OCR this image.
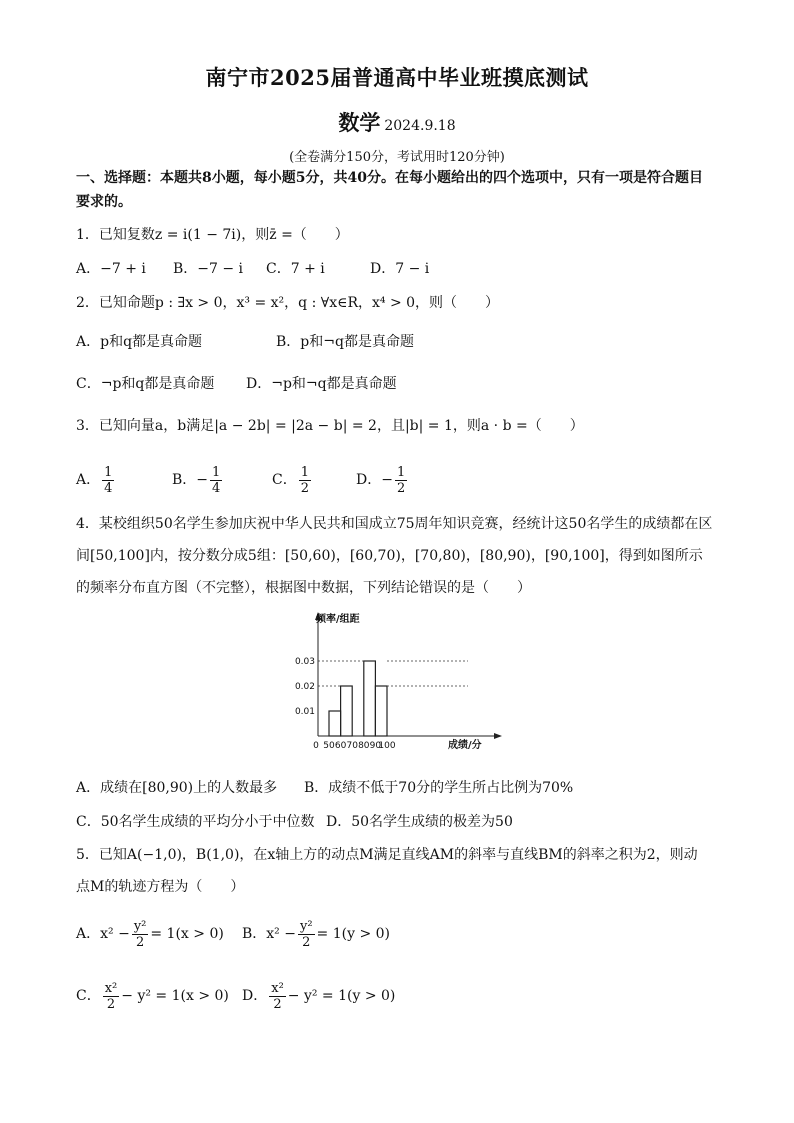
南宁市2025届普通高中毕业班摸底测试
数学 2024.9.18
(全卷满分150分，考试用时120分钟)
一、选择题：本题共8小题，每小题5分，共40分。在每小题给出的四个选项中，只有一项是符合题目
要求的。
1．已知复数z = i(1 − 7i)，则z̄ =（　　）
A．−7 + i B．−7 − i C．7 + i	D．7 − i
2．已知命题p : ∃x > 0，x³ = x²，q : ∀x∈R，x⁴ > 0，则（　　）
A．p和q都是真命题	B．p和¬q都是真命题
C．¬p和q都是真命题 D．¬p和¬q都是真命题
3．已知向量a，b满足|a − 2b| = |2a − b| = 2，且|b| = 1，则a · b =（　　）
A． $\frac{1}{4}$	B．− $\frac{1}{4}$	C． $\frac{1}{2}$	D．− $\frac{1}{2}$
4．某校组织50名学生参加庆祝中华人民共和国成立75周年知识竞赛，经统计这50名学生的成绩都在区
间[50,100]内，按分数分成5组：[50,60)，[60,70)，[70,80)，[80,90)，[90,100]，得到如图所示
的频率分布直方图（不完整），根据图中数据，下列结论错误的是（　　）
频率/组距
成绩/分
0.01
0.02
0.03
0 50 60 70 80 90
100
A．成绩在[80,90)上的人数最多 B．成绩不低于70分的学生所占比例为70%
C．50名学生成绩的平均分小于中位数 D．50名学生成绩的极差为50
5．已知A(−1,0)，B(1,0)，在x轴上方的动点M满足直线AM的斜率与直线BM的斜率之积为2，则动
点M的轨迹方程为（　　）
A．$x^2 - \frac{\text{y²}}{2} = 1(x > 0)$ B．$x^2 - \frac{\text{y²}}{2} = 1(y > 0)$
C． $\frac{\text{x²}}{2} - y^2 = 1(x > 0)$ D． $\frac{\text{x²}}{2} - y^2 = 1(y > 0)$
